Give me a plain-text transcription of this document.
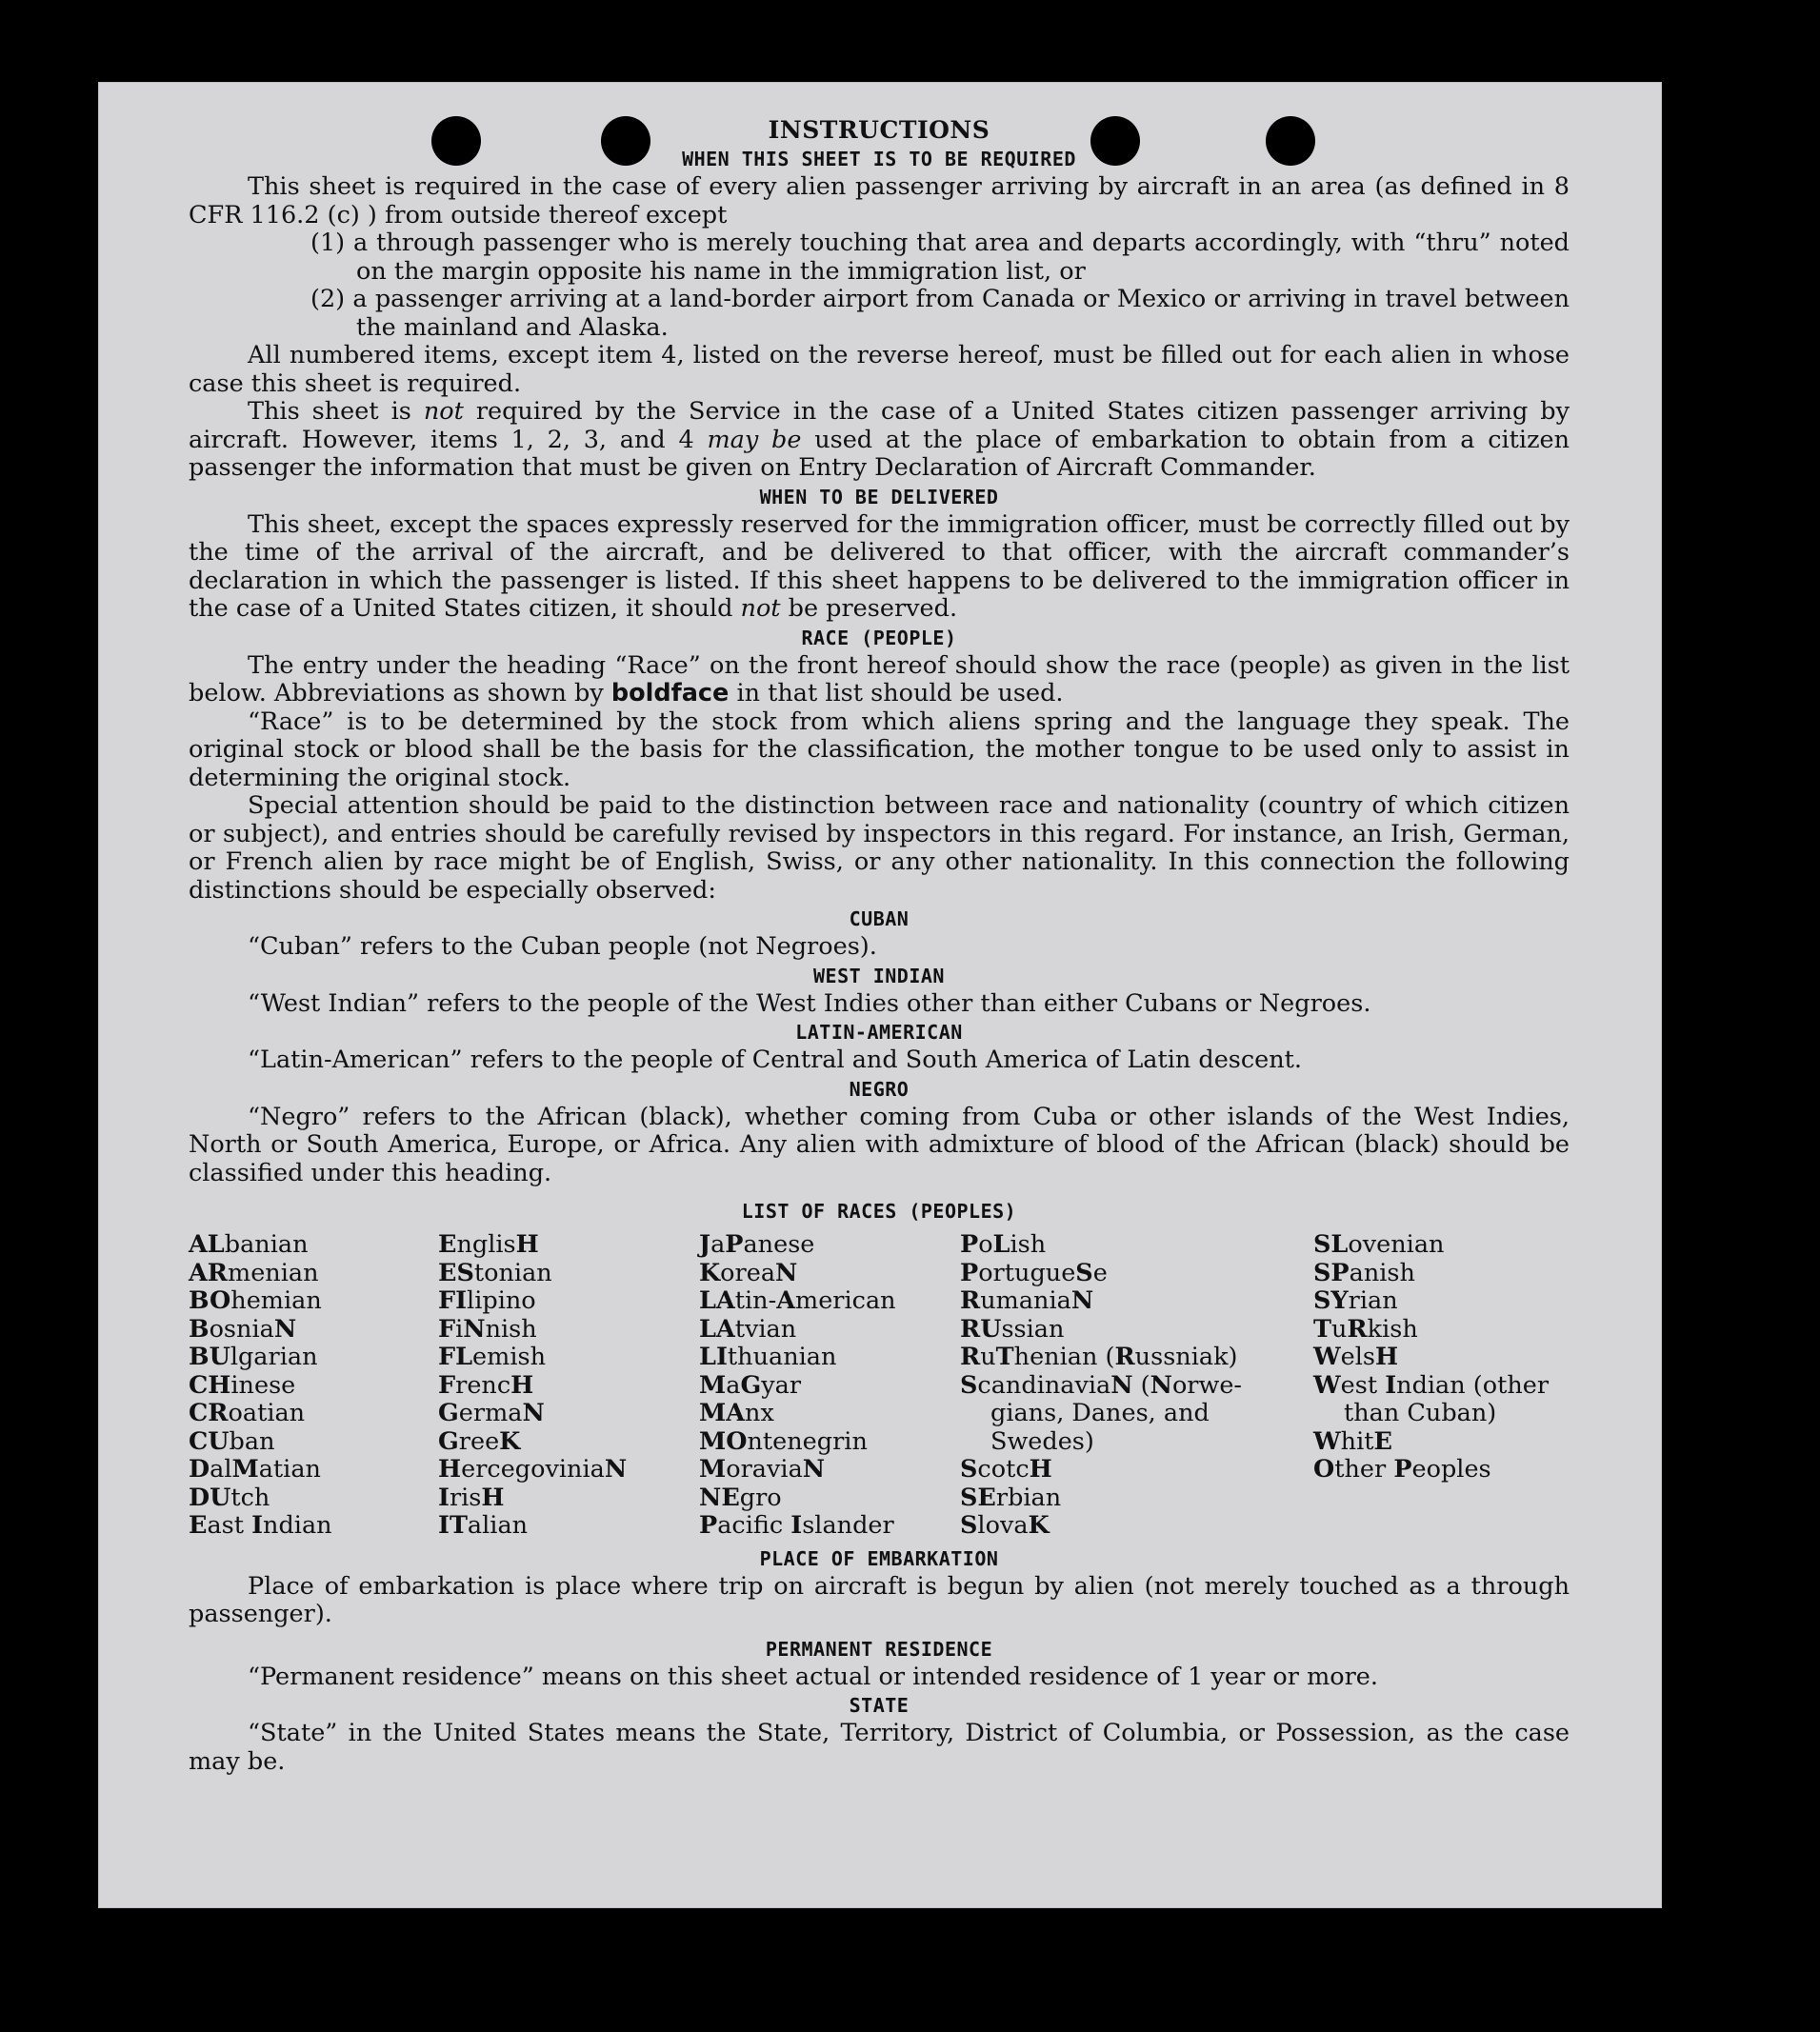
INSTRUCTIONS
WHEN THIS SHEET IS TO BE REQUIRED

This sheet is required in the case of every alien passenger arriving by aircraft in an area (as defined in 8 CFR 116.2 (c) ) from outside thereof except

(1) a through passenger who is merely touching that area and departs accordingly, with “thru” noted on the margin opposite his name in the immigration list, or
(2) a passenger arriving at a land-border airport from Canada or Mexico or arriving in travel between the mainland and Alaska.

All numbered items, except item 4, listed on the reverse hereof, must be filled out for each alien in whose case this sheet is required.

This sheet is not required by the Service in the case of a United States citizen passenger arriving by aircraft. However, items 1, 2, 3, and 4 may be used at the place of embarkation to obtain from a citizen passenger the information that must be given on Entry Declaration of Aircraft Commander.

WHEN TO BE DELIVERED

This sheet, except the spaces expressly reserved for the immigration officer, must be correctly filled out by the time of the arrival of the aircraft, and be delivered to that officer, with the aircraft commander’s declaration in which the passenger is listed. If this sheet happens to be delivered to the immigration officer in the case of a United States citizen, it should not be preserved.

RACE (PEOPLE)

The entry under the heading “Race” on the front hereof should show the race (people) as given in the list below. Abbreviations as shown by boldface in that list should be used.

“Race” is to be determined by the stock from which aliens spring and the language they speak. The original stock or blood shall be the basis for the classification, the mother tongue to be used only to assist in determining the original stock.

Special attention should be paid to the distinction between race and nationality (country of which citizen or subject), and entries should be carefully revised by inspectors in this regard. For instance, an Irish, German, or French alien by race might be of English, Swiss, or any other nationality. In this connection the following distinctions should be especially observed:

CUBAN

“Cuban” refers to the Cuban people (not Negroes).

WEST INDIAN

“West Indian” refers to the people of the West Indies other than either Cubans or Negroes.

LATIN-AMERICAN

“Latin-American” refers to the people of Central and South America of Latin descent.

NEGRO

“Negro” refers to the African (black), whether coming from Cuba or other islands of the West Indies, North or South America, Europe, or Africa. Any alien with admixture of blood of the African (black) should be classified under this heading.

LIST OF RACES (PEOPLES)
ALbanian
ARmenian
BOhemian
BosniaN
BUlgarian
CHinese
CRoatian
CUban
DalMatian
DUtch
East Indian
EnglisH
EStonian
FIlipino
FiNnish
FLemish
FrencH
GermaN
GreeK
HercegoviniaN
IrisH
ITalian
JaPanese
KoreaN
LAtin-American
LAtvian
LIthuanian
MaGyar
MAnx
MOntenegrin
MoraviaN
NEgro
Pacifc Islander
PoLish
PortugueSe
RumaniaN
RUssian
RuThenian (Russniak)
ScandinaviaN (Norwe-
gians, Danes, and
Swedes)
ScotcH
SErbian
SlovaK
SLovenian
SPanish
SYrian
TuRkish
WelsH
West Indian (other
than Cuban)
WhitE
Other Peoples
PLACE OF EMBARKATION

Place of embarkation is place where trip on aircraft is begun by alien (not merely touched as a through passenger).

PERMANENT RESIDENCE

“Permanent residence” means on this sheet actual or intended residence of 1 year or more.

STATE

“State” in the United States means the State, Territory, District of Columbia, or Possession, as the case may be.
